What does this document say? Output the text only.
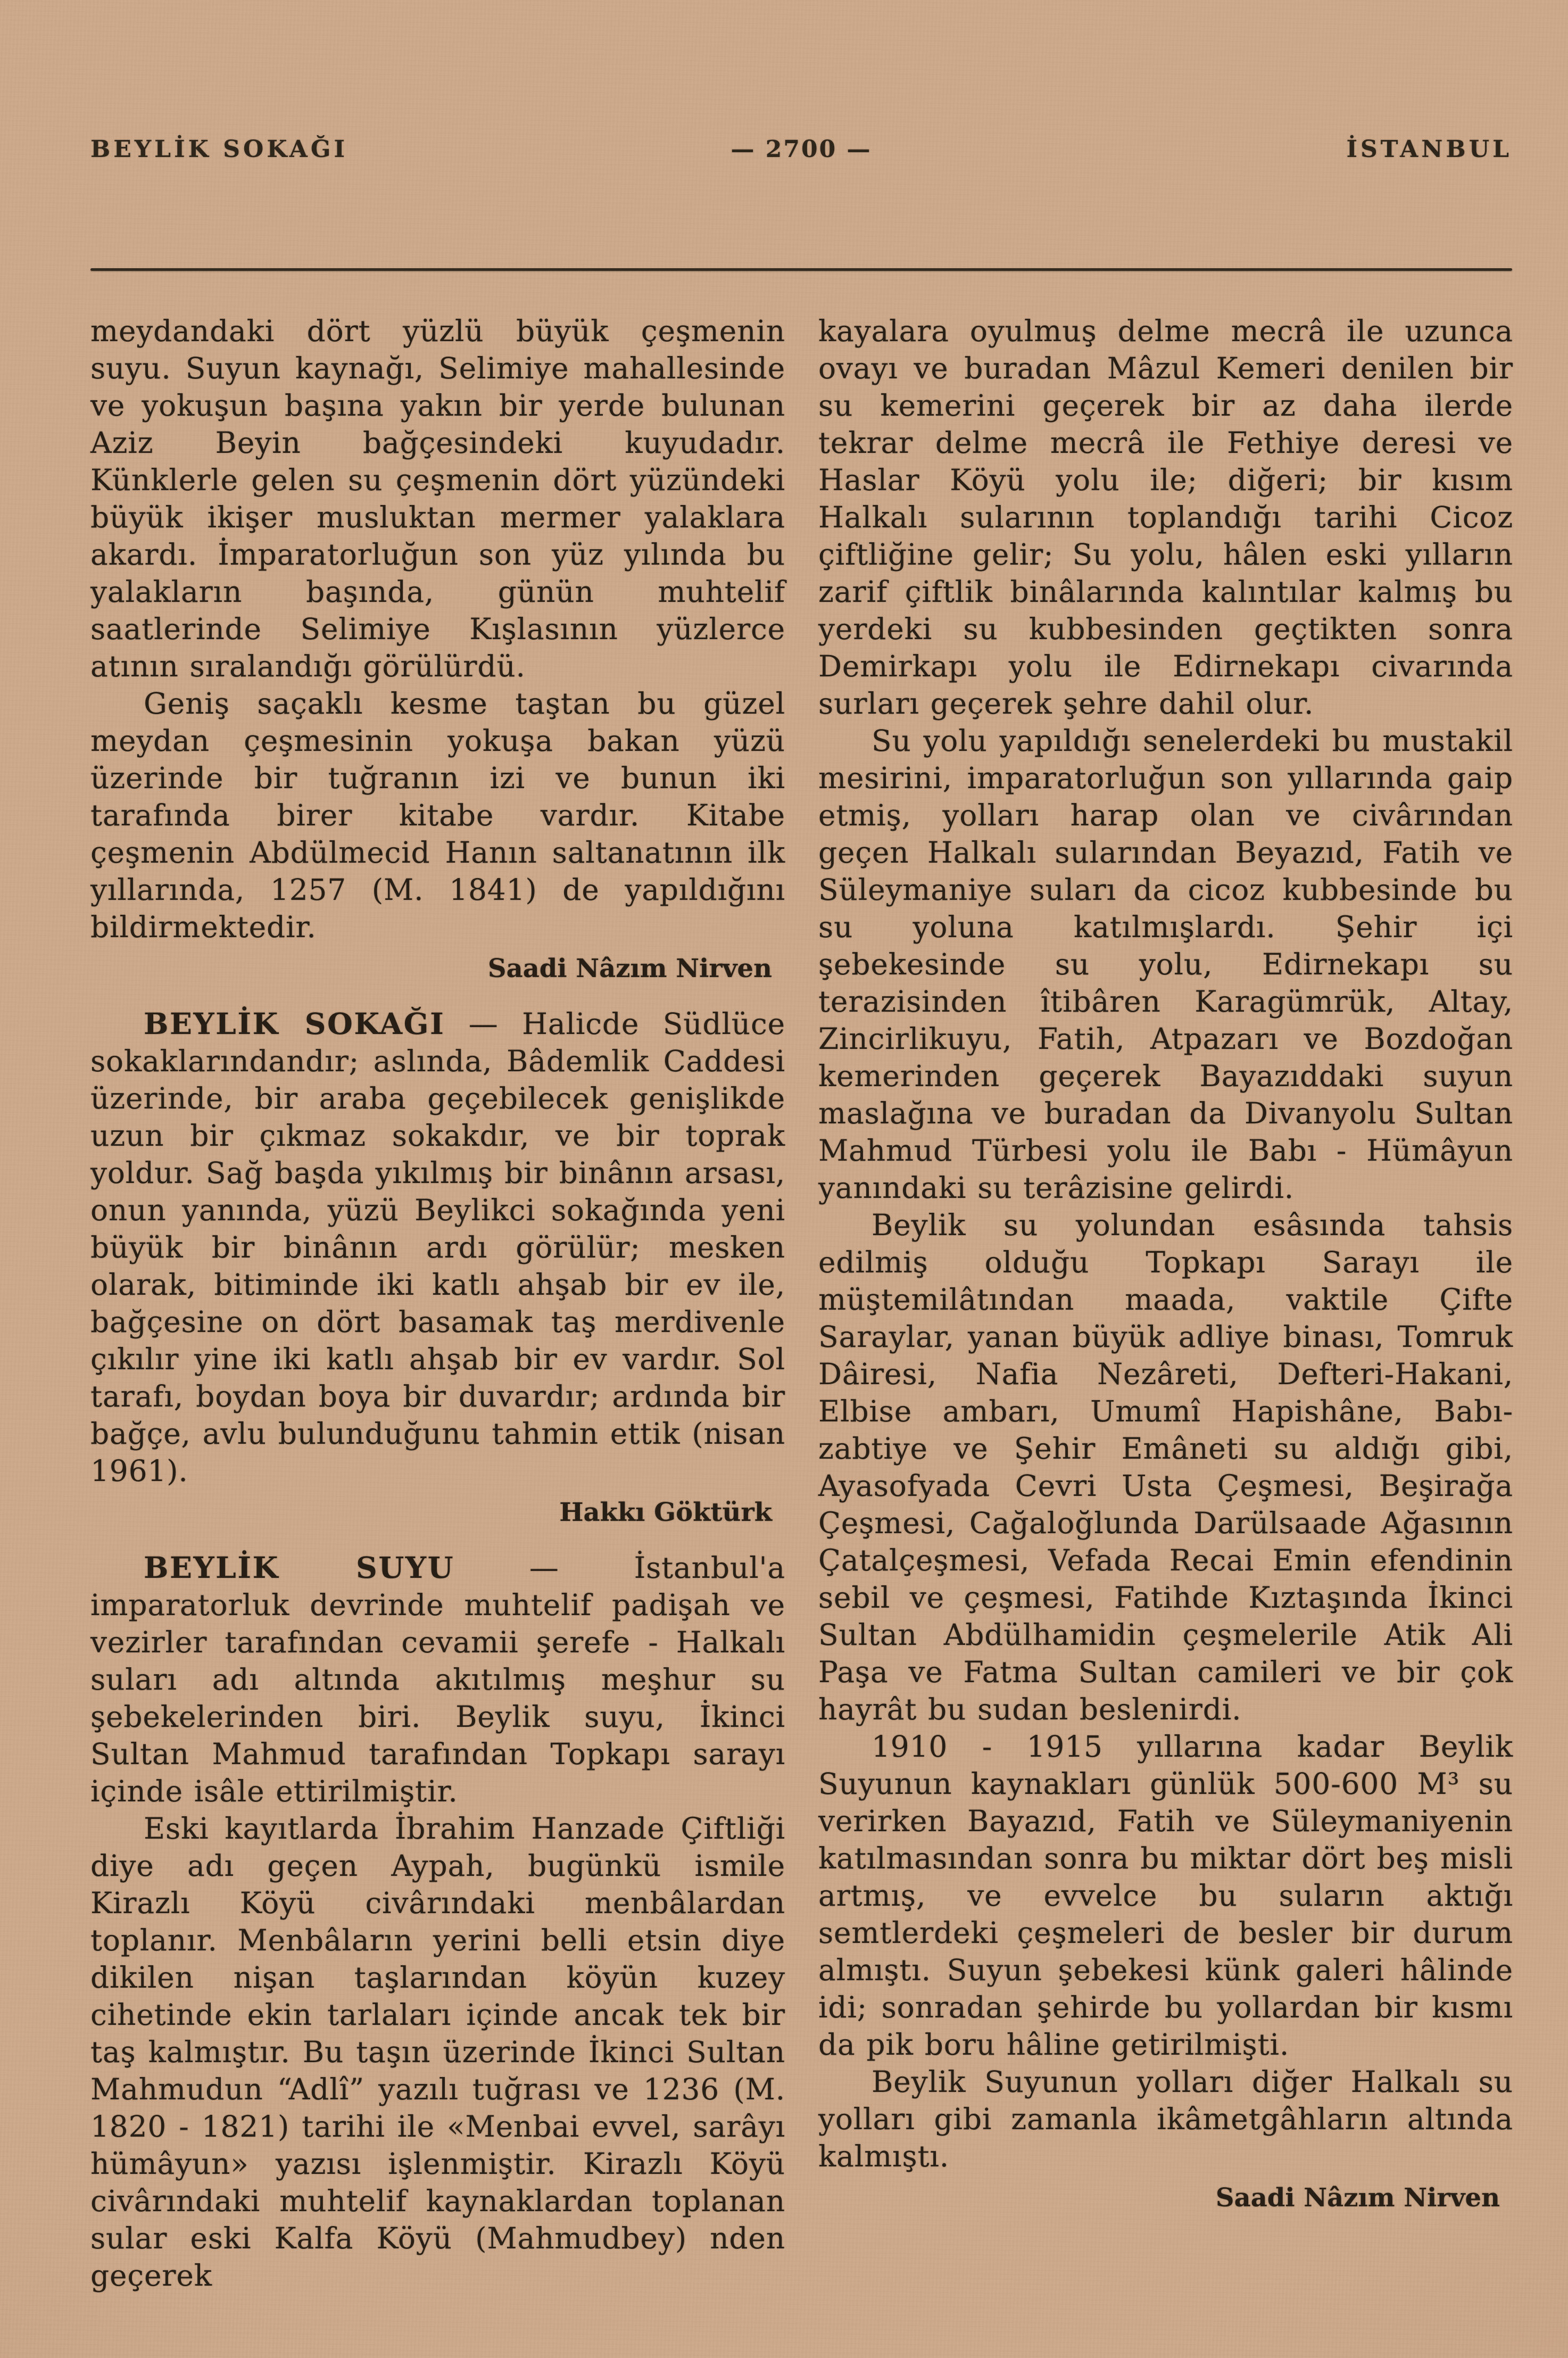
BEYLİK SOKAĞI	— 2700 —	İSTANBUL

meydandaki dört yüzlü büyük çeşmenin suyu. Suyun kaynağı, Selimiye mahallesinde ve yokuşun başına yakın bir yerde bulunan Aziz Beyin bağçesindeki kuyudadır. Künklerle gelen su çeşmenin dört yüzündeki büyük ikişer musluktan mermer yalaklara akardı. İmparatorluğun son yüz yılında bu yalakların başında, günün muhtelif saatlerinde Selimiye Kışlasının yüzlerce atının sıralandığı görülürdü.

Geniş saçaklı kesme taştan bu güzel meydan çeşmesinin yokuşa bakan yüzü üzerinde bir tuğranın izi ve bunun iki tarafında birer kitabe vardır. Kitabe çeşmenin Abdülmecid Hanın saltanatının ilk yıllarında, 1257 (M. 1841) de yapıldığını bildirmektedir.

Saadi Nâzım Nirven

BEYLİK SOKAĞI — Halicde Südlüce sokaklarındandır; aslında, Bâdemlik Caddesi üzerinde, bir araba geçebilecek genişlikde uzun bir çıkmaz sokakdır, ve bir toprak yoldur. Sağ başda yıkılmış bir binânın arsası, onun yanında, yüzü Beylikci sokağında yeni büyük bir binânın ardı görülür; mesken olarak, bitiminde iki katlı ahşab bir ev ile, bağçesine on dört basamak taş merdivenle çıkılır yine iki katlı ahşab bir ev vardır. Sol tarafı, boydan boya bir duvardır; ardında bir bağçe, avlu bulunduğunu tahmin ettik (nisan 1961).

Hakkı Göktürk

BEYLİK SUYU — İstanbul'a imparatorluk devrinde muhtelif padişah ve vezirler tarafından cevamii şerefe - Halkalı suları adı altında akıtılmış meşhur su şebekelerinden biri. Beylik suyu, İkinci Sultan Mahmud tarafından Topkapı sarayı içinde isâle ettirilmiştir.

Eski kayıtlarda İbrahim Hanzade Çiftliği diye adı geçen Aypah, bugünkü ismile Kirazlı Köyü civârındaki menbâlardan toplanır. Menbâların yerini belli etsin diye dikilen nişan taşlarından köyün kuzey cihetinde ekin tarlaları içinde ancak tek bir taş kalmıştır. Bu taşın üzerinde İkinci Sultan Mahmudun “Adlî” yazılı tuğrası ve 1236 (M. 1820 - 1821) tarihi ile «Menbai evvel, sarâyı hümâyun» yazısı işlenmiştir. Kirazlı Köyü civârındaki muhtelif kaynaklardan toplanan sular eski Kalfa Köyü (Mahmudbey) nden geçerek

kayalara oyulmuş delme mecrâ ile uzunca ovayı ve buradan Mâzul Kemeri denilen bir su kemerini geçerek bir az daha ilerde tekrar delme mecrâ ile Fethiye deresi ve Haslar Köyü yolu ile; diğeri; bir kısım Halkalı sularının toplandığı tarihi Cicoz çiftliğine gelir; Su yolu, hâlen eski yılların zarif çiftlik binâlarında kalıntılar kalmış bu yerdeki su kubbesinden geçtikten sonra Demirkapı yolu ile Edirnekapı civarında surları geçerek şehre dahil olur.

Su yolu yapıldığı senelerdeki bu mustakil mesirini, imparatorluğun son yıllarında gaip etmiş, yolları harap olan ve civârından geçen Halkalı sularından Beyazıd, Fatih ve Süleymaniye suları da cicoz kubbesinde bu su yoluna katılmışlardı. Şehir içi şebekesinde su yolu, Edirnekapı su terazisinden îtibâren Karagümrük, Altay, Zincirlikuyu, Fatih, Atpazarı ve Bozdoğan kemerinden geçerek Bayazıddaki suyun maslağına ve buradan da Divanyolu Sultan Mahmud Türbesi yolu ile Babı - Hümâyun yanındaki su terâzisine gelirdi.

Beylik su yolundan esâsında tahsis edilmiş olduğu Topkapı Sarayı ile müştemilâtından maada, vaktile Çifte Saraylar, yanan büyük adliye binası, Tomruk Dâiresi, Nafia Nezâreti, Defteri-Hakani, Elbise ambarı, Umumî Hapishâne, Babı-zabtiye ve Şehir Emâneti su aldığı gibi, Ayasofyada Cevri Usta Çeşmesi, Beşirağa Çeşmesi, Cağaloğlunda Darülsaade Ağasının Çatalçeşmesi, Vefada Recai Emin efendinin sebil ve çeşmesi, Fatihde Kıztaşında İkinci Sultan Abdülhamidin çeşmelerile Atik Ali Paşa ve Fatma Sultan camileri ve bir çok hayrât bu sudan beslenirdi.

1910 - 1915 yıllarına kadar Beylik Suyunun kaynakları günlük 500-600 M³ su verirken Bayazıd, Fatih ve Süleymaniyenin katılmasından sonra bu miktar dört beş misli artmış, ve evvelce bu suların aktığı semtlerdeki çeşmeleri de besler bir durum almıştı. Suyun şebekesi künk galeri hâlinde idi; sonradan şehirde bu yollardan bir kısmı da pik boru hâline getirilmişti.

Beylik Suyunun yolları diğer Halkalı su yolları gibi zamanla ikâmetgâhların altında kalmıştı.

Saadi Nâzım Nirven
